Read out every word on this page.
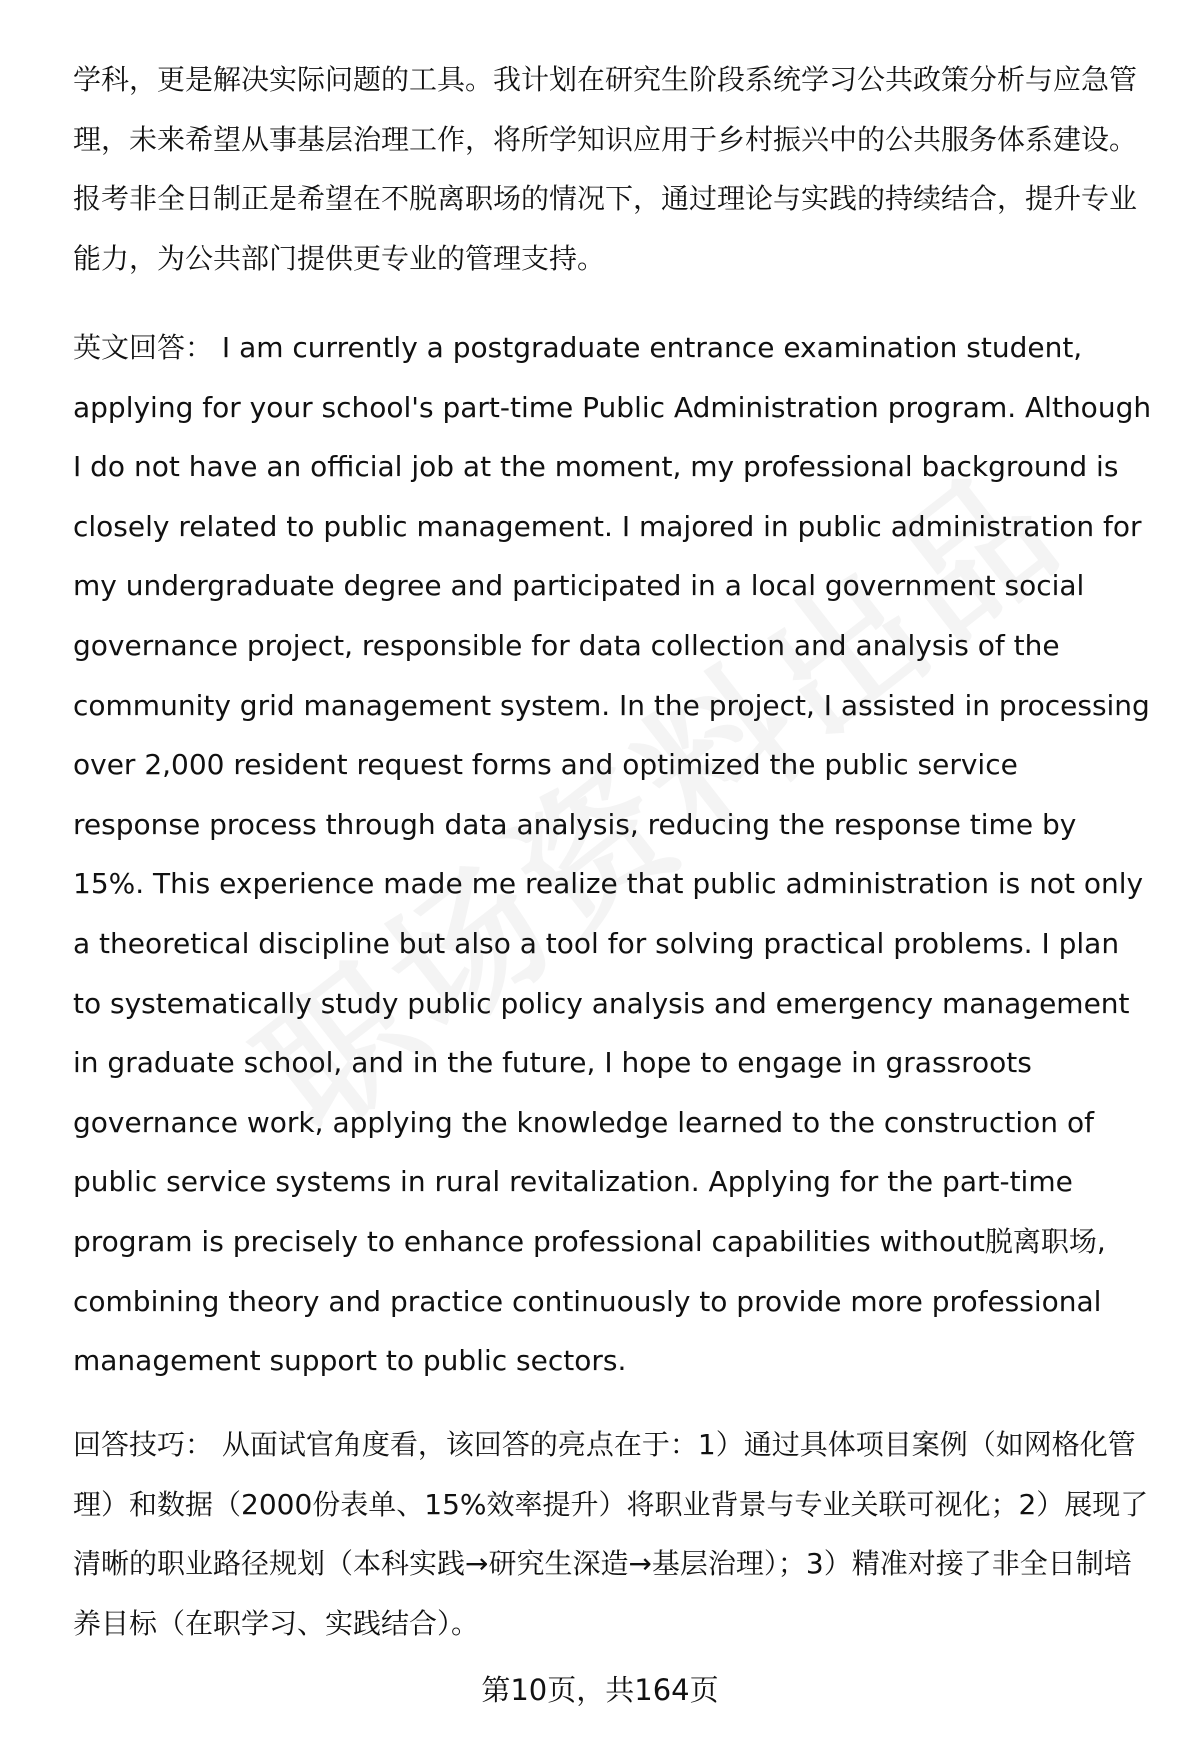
学科，更是解决实际问题的工具。我计划在研究生阶段系统学习公共政策分析与应急管理，未来希望从事基层治理工作，将所学知识应用于乡村振兴中的公共服务体系建设。报考非全日制正是希望在不脱离职场的情况下，通过理论与实践的持续结合，提升专业能力，为公共部门提供更专业的管理支持。

英文回答： I am currently a postgraduate entrance examination student, applying for your school's part-time Public Administration program. Although I do not have an official job at the moment, my professional background is closely related to public management. I majored in public administration for my undergraduate degree and participated in a local government social governance project, responsible for data collection and analysis of the community grid management system. In the project, I assisted in processing over 2,000 resident request forms and optimized the public service response process through data analysis, reducing the response time by 15%. This experience made me realize that public administration is not only a theoretical discipline but also a tool for solving practical problems. I plan to systematically study public policy analysis and emergency management in graduate school, and in the future, I hope to engage in grassroots governance work, applying the knowledge learned to the construction of public service systems in rural revitalization. Applying for the part-time program is precisely to enhance professional capabilities without脱离职场, combining theory and practice continuously to provide more professional management support to public sectors.

回答技巧： 从面试官角度看，该回答的亮点在于：1）通过具体项目案例（如网格化管理）和数据（2000份表单、15%效率提升）将职业背景与专业关联可视化；2）展现了清晰的职业路径规划（本科实践→研究生深造→基层治理）；3）精准对接了非全日制培养目标（在职学习、实践结合）。

第10页，共164页
